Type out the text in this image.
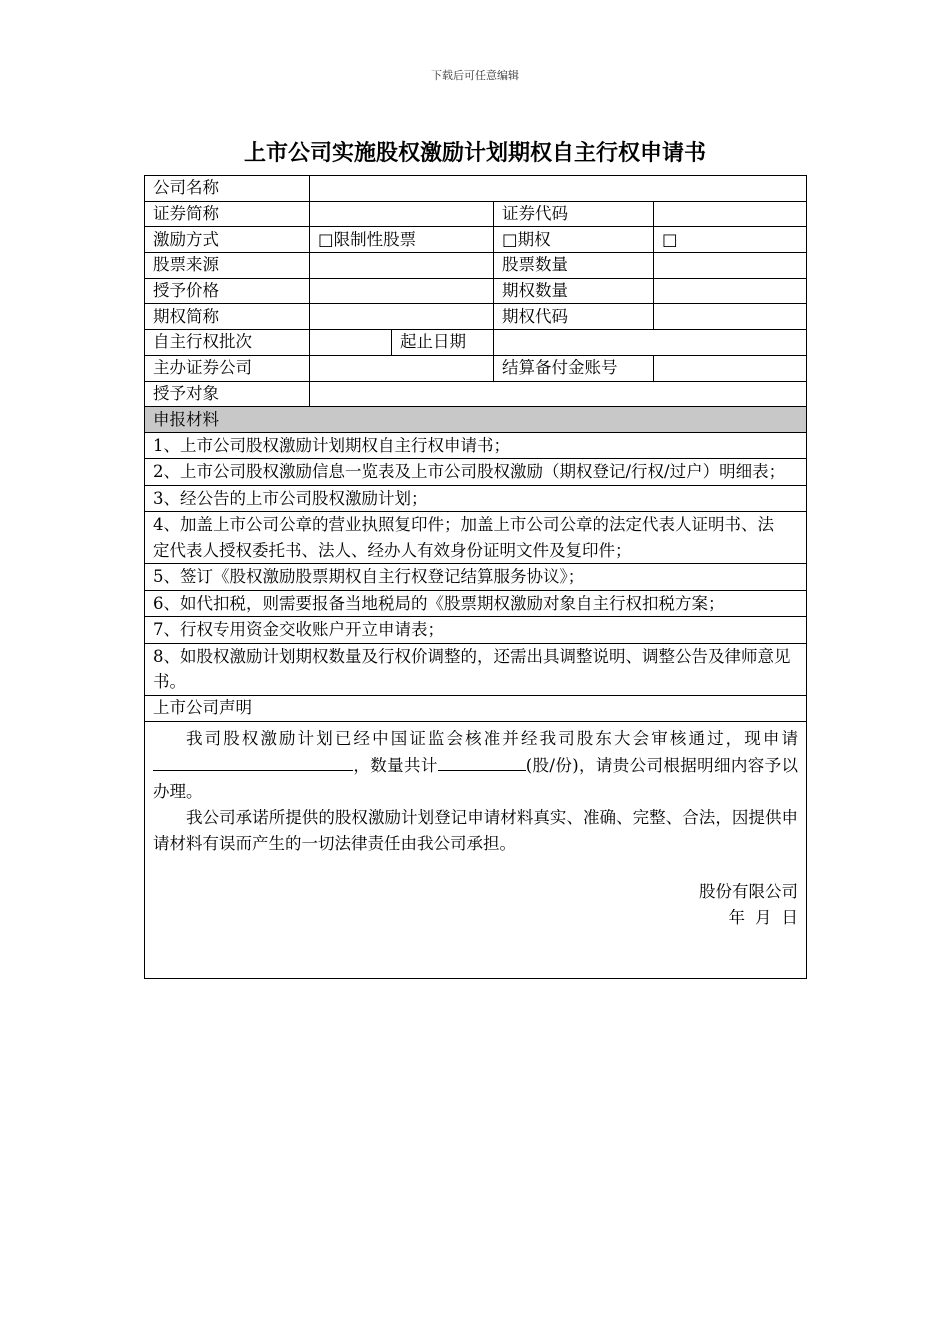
下载后可任意编辑
上市公司实施股权激励计划期权自主行权申请书
公司名称				
证券简称			证券代码	
激励方式	□限制性股票		□期权	□
股票来源			股票数量	
授予价格			期权数量	
期权简称			期权代码	
自主行权批次		起止日期		
主办证券公司			结算备付金账号	
授予对象				
申报材料				
1、上市公司股权激励计划期权自主行权申请书；				
2、上市公司股权激励信息一览表及上市公司股权激励（期权登记/行权/过户）明细表；				
3、经公告的上市公司股权激励计划；				

4、加盖上市公司公章的营业执照复印件；加盖上市公司公章的法定代表人证明书、法
定代表人授权委托书、法人、经办人有效身份证明文件及复印件；				

5、签订《股权激励股票期权自主行权登记结算服务协议》；				
6、如代扣税，则需要报备当地税局的《股票期权激励对象自主行权扣税方案；				
7、行权专用资金交收账户开立申请表；				
8、如股权激励计划期权数量及行权价调整的，还需出具调整说明、调整公告及律师意见书。				
上市公司声明				

我司股权激励计划已经中国证监会核准并经我司股东大会审核通过，现申请，数量共计 (股/份)，请贵公司根据明细内容予以办理。

我公司承诺所提供的股权激励计划登记申请材料真实、准确、完整、合法，因提供申请材料有误而产生的一切法律责任由我公司承担。

股份有限公司
年 月 日				
